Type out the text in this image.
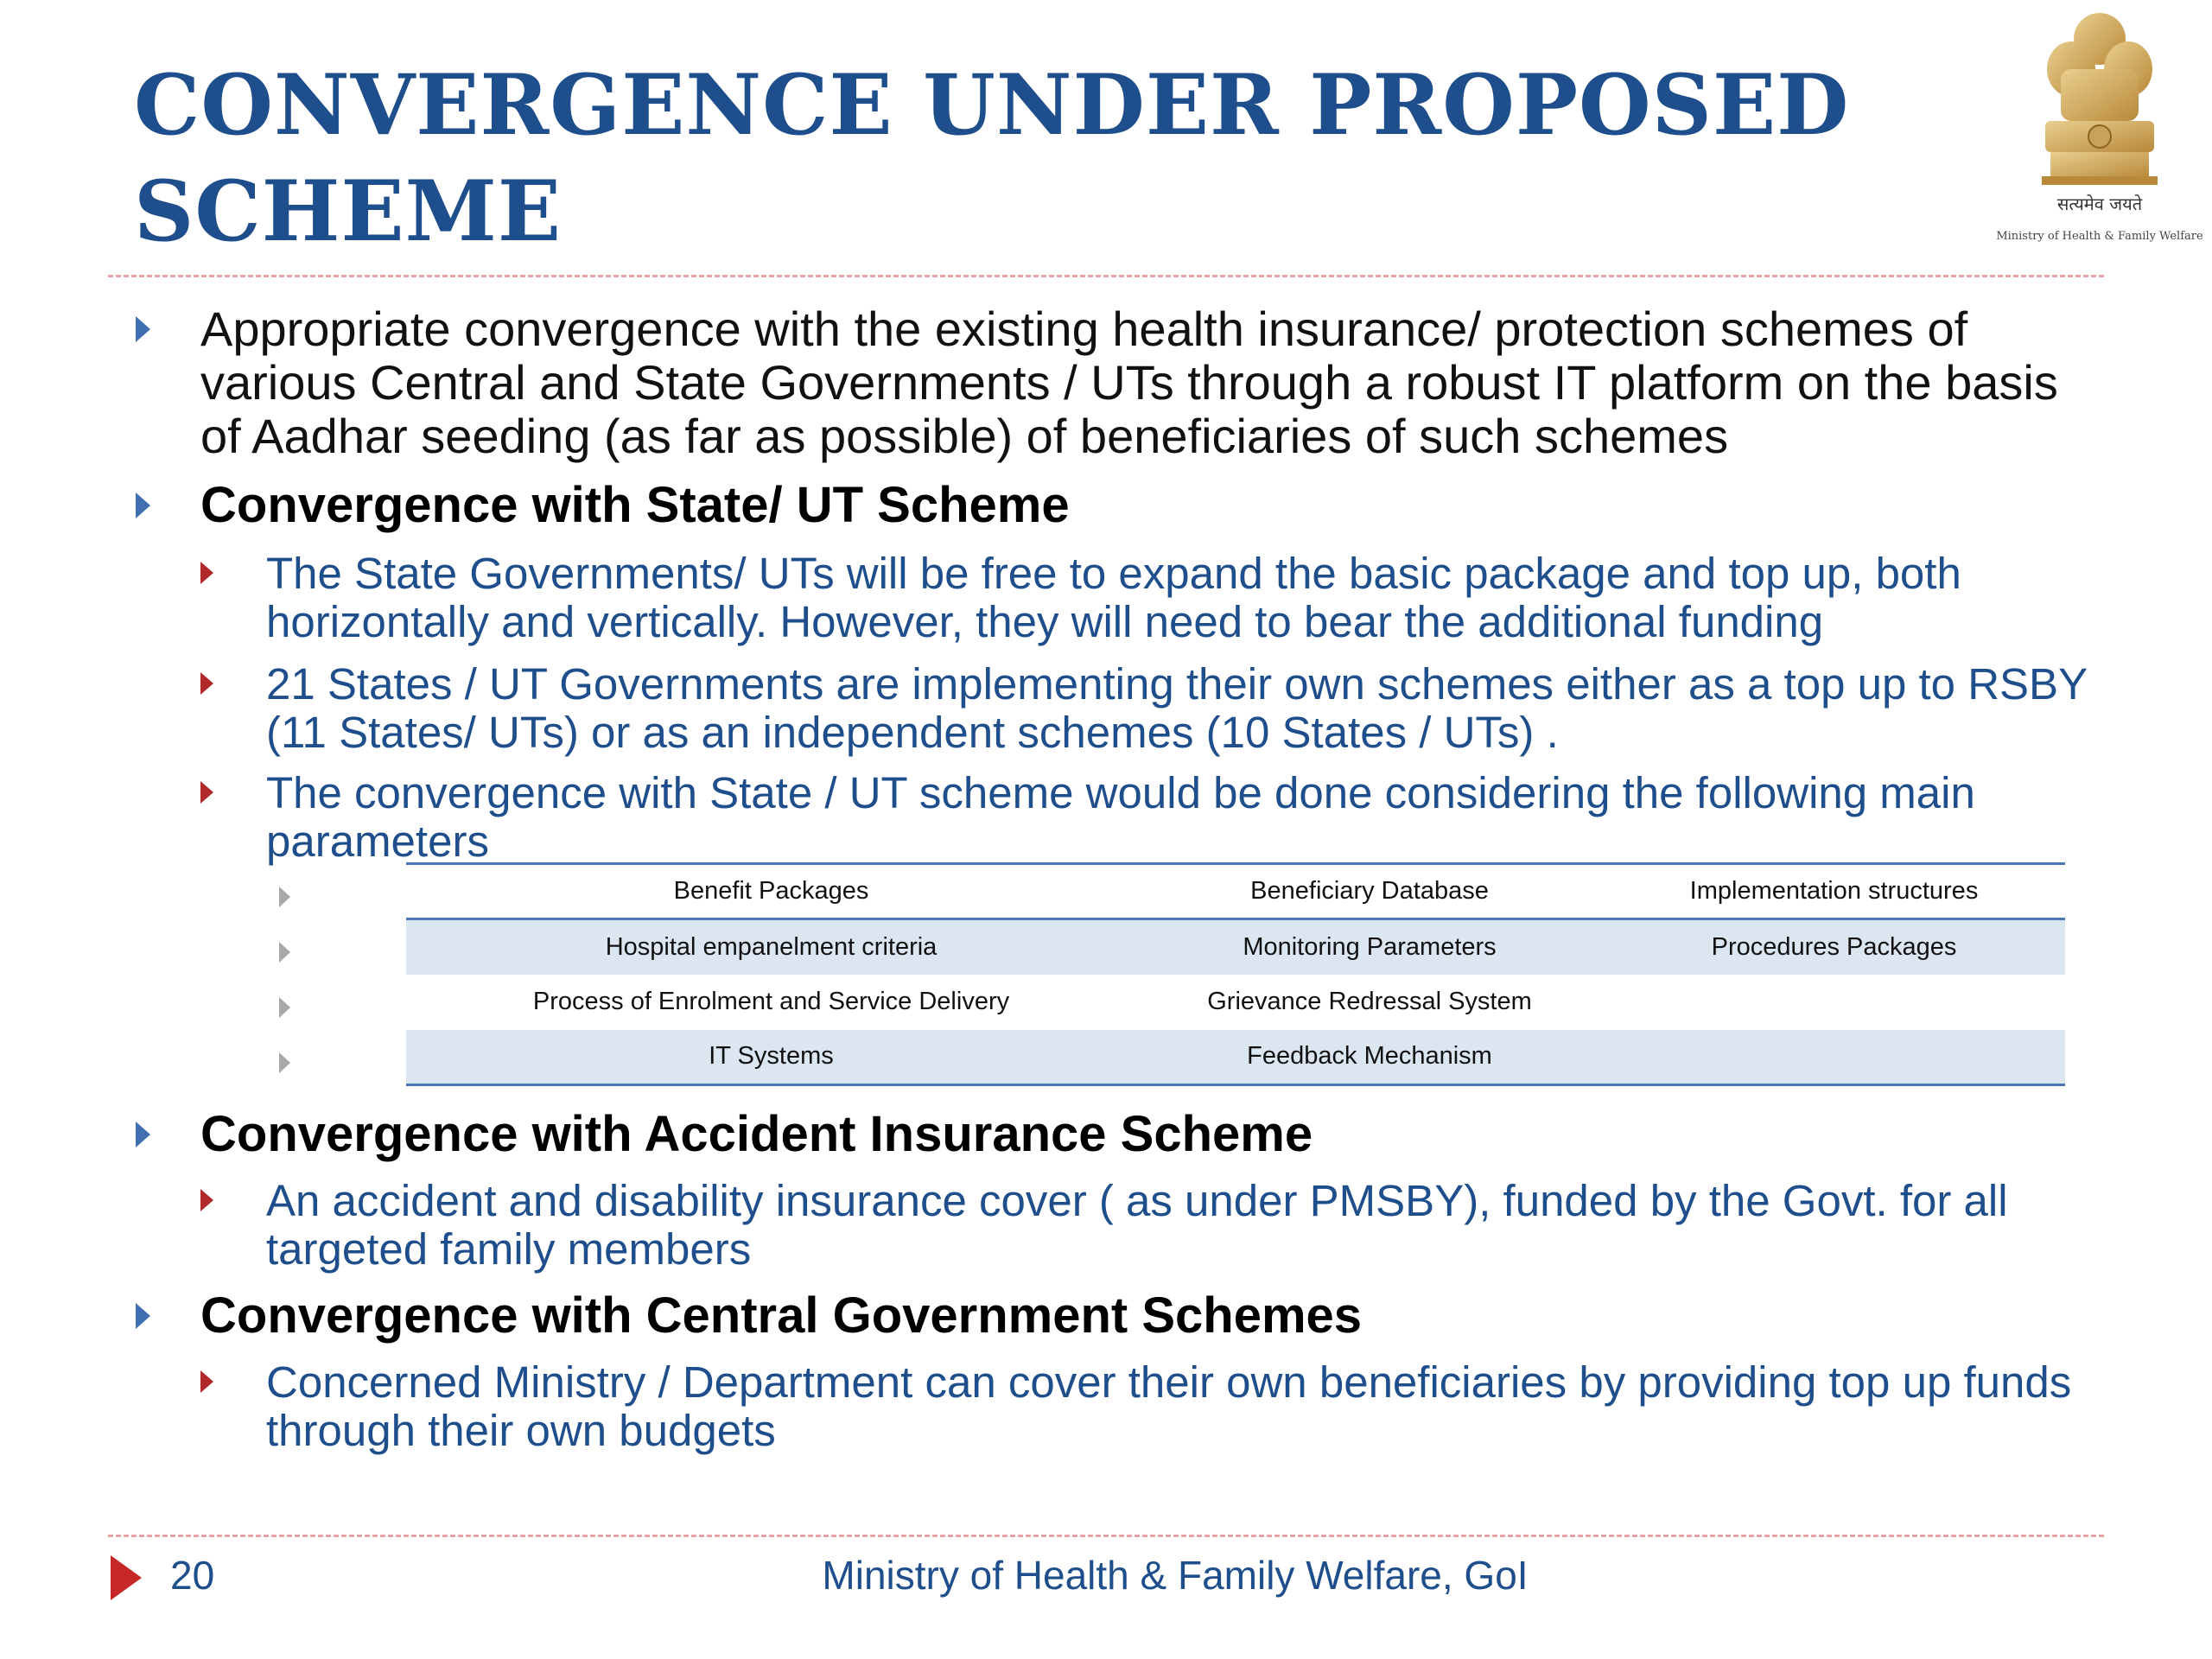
CONVERGENCE UNDER PROPOSED SCHEME	सत्यमेव जयते
Ministry of Health & Family Welfare
Appropriate convergence with the existing health insurance/ protection schemes of various Central and State Governments / UTs through a robust IT platform on the basis of Aadhar seeding (as far as possible) of beneficiaries of such schemes
Convergence with State/ UT Scheme
The State Governments/ UTs will be free to expand the basic package and top up, both horizontally and vertically. However, they will need to bear the additional funding
21 States / UT Governments are implementing their own schemes either as a top up to RSBY (11 States/ UTs) or as an independent schemes (10 States / UTs) .
The convergence with State / UT scheme would be done considering the following main parameters
Benefit Packages	Beneficiary Database	Implementation structures
Hospital empanelment criteria	Monitoring Parameters	Procedures Packages
Process of Enrolment and Service Delivery	Grievance Redressal System	
IT Systems	Feedback Mechanism	
Convergence with Accident Insurance Scheme
An accident and disability insurance cover ( as under PMSBY), funded by the Govt. for all targeted family members
Convergence with Central Government Schemes
Concerned Ministry / Department can cover their own beneficiaries by providing top up funds through their own budgets
20	Ministry of Health & Family Welfare, GoI
